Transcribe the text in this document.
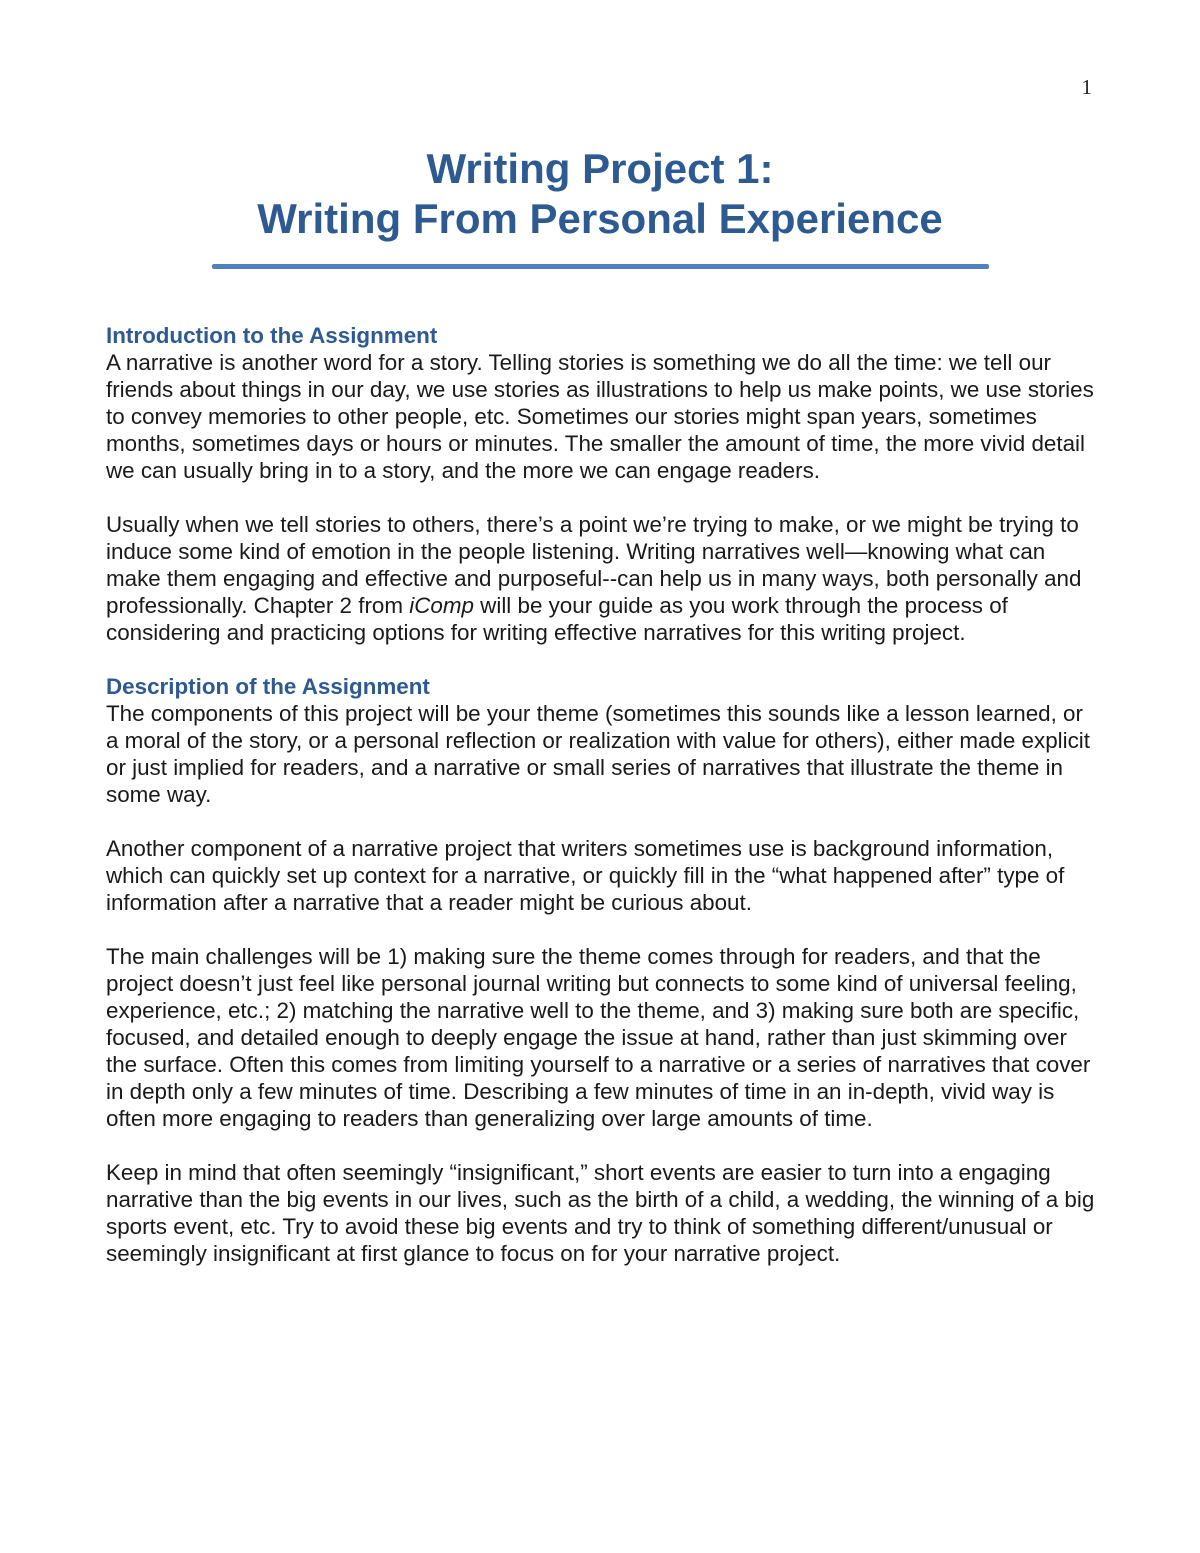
1
Writing Project 1:
Writing From Personal Experience

Introduction to the Assignment

A narrative is another word for a story. Telling stories is something we do all the time: we tell our friends about things in our day, we use stories as illustrations to help us make points, we use stories to convey memories to other people, etc. Sometimes our stories might span years, sometimes months, sometimes days or hours or minutes. The smaller the amount of time, the more vivid detail we can usually bring in to a story, and the more we can engage readers.

Usually when we tell stories to others, there’s a point we’re trying to make, or we might be trying to induce some kind of emotion in the people listening. Writing narratives well—knowing what can make them engaging and effective and purposeful--can help us in many ways, both personally and professionally. Chapter 2 from iComp will be your guide as you work through the process of considering and practicing options for writing effective narratives for this writing project.

Description of the Assignment

The components of this project will be your theme (sometimes this sounds like a lesson learned, or a moral of the story, or a personal reflection or realization with value for others), either made explicit or just implied for readers, and a narrative or small series of narratives that illustrate the theme in some way.

Another component of a narrative project that writers sometimes use is background information, which can quickly set up context for a narrative, or quickly fill in the “what happened after” type of information after a narrative that a reader might be curious about.

The main challenges will be 1) making sure the theme comes through for readers, and that the project doesn’t just feel like personal journal writing but connects to some kind of universal feeling, experience, etc.; 2) matching the narrative well to the theme, and 3) making sure both are specific, focused, and detailed enough to deeply engage the issue at hand, rather than just skimming over the surface. Often this comes from limiting yourself to a narrative or a series of narratives that cover in depth only a few minutes of time. Describing a few minutes of time in an in-depth, vivid way is often more engaging to readers than generalizing over large amounts of time.

Keep in mind that often seemingly “insignificant,” short events are easier to turn into a engaging narrative than the big events in our lives, such as the birth of a child, a wedding, the winning of a big sports event, etc. Try to avoid these big events and try to think of something different/unusual or seemingly insignificant at first glance to focus on for your narrative project.
